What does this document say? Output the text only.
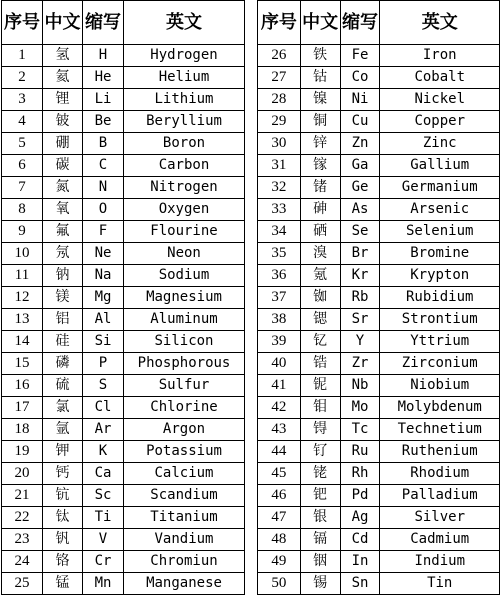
序号	中文	缩写	英文
1	氢	H	Hydrogen
2	氦	He	Helium
3	锂	Li	Lithium
4	铍	Be	Beryllium
5	硼	B	Boron
6	碳	C	Carbon
7	氮	N	Nitrogen
8	氧	O	Oxygen
9	氟	F	Flourine
10	氖	Ne	Neon
11	钠	Na	Sodium
12	镁	Mg	Magnesium
13	铝	Al	Aluminum
14	硅	Si	Silicon
15	磷	P	Phosphorous
16	硫	S	Sulfur
17	氯	Cl	Chlorine
18	氩	Ar	Argon
19	钾	K	Potassium
20	钙	Ca	Calcium
21	钪	Sc	Scandium
22	钛	Ti	Titanium
23	钒	V	Vandium
24	铬	Cr	Chromiun
25	锰	Mn	Manganese
序号	中文	缩写	英文
26	铁	Fe	Iron
27	钴	Co	Cobalt
28	镍	Ni	Nickel
29	铜	Cu	Copper
30	锌	Zn	Zinc
31	镓	Ga	Gallium
32	锗	Ge	Germanium
33	砷	As	Arsenic
34	硒	Se	Selenium
35	溴	Br	Bromine
36	氪	Kr	Krypton
37	铷	Rb	Rubidium
38	锶	Sr	Strontium
39	钇	Y	Yttrium
40	锆	Zr	Zirconium
41	铌	Nb	Niobium
42	钼	Mo	Molybdenum
43	锝	Tc	Technetium
44	钌	Ru	Ruthenium
45	铑	Rh	Rhodium
46	钯	Pd	Palladium
47	银	Ag	Silver
48	镉	Cd	Cadmium
49	铟	In	Indium
50	锡	Sn	Tin
